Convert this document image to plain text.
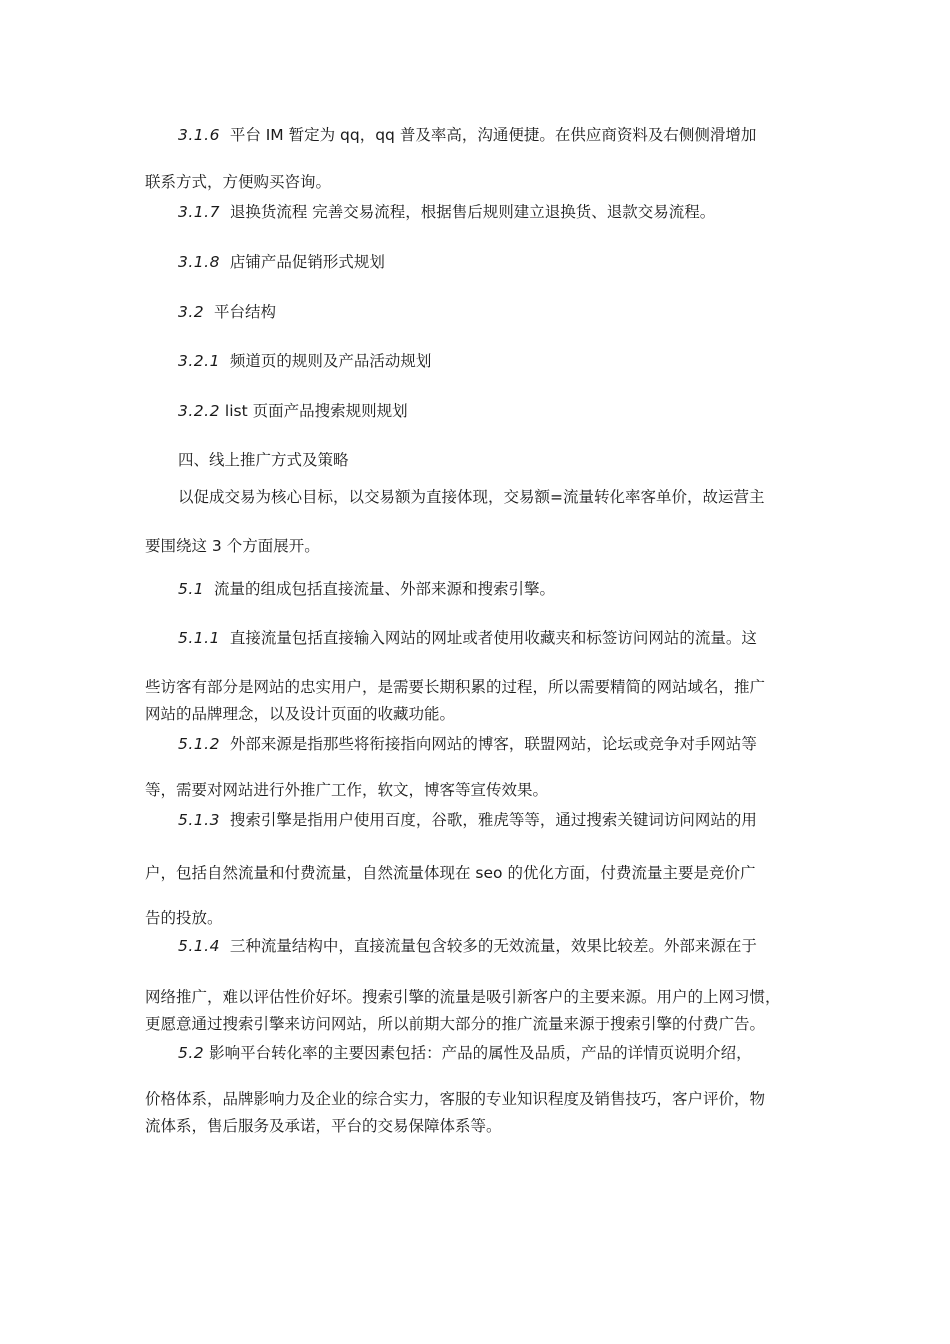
3.1.6 平台 IM 暂定为 qq，qq 普及率高，沟通便捷。在供应商资料及右侧侧滑增加

联系方式，方便购买咨询。

3.1.7 退换货流程 完善交易流程，根据售后规则建立退换货、退款交易流程。

3.1.8 店铺产品促销形式规划

3.2 平台结构

3.2.1 频道页的规则及产品活动规划

3.2.2 list 页面产品搜索规则规划

四、线上推广方式及策略

以促成交易为核心目标，以交易额为直接体现，交易额=流量转化率客单价，故运营主

要围绕这 3 个方面展开。

5.1 流量的组成包括直接流量、外部来源和搜索引擎。

5.1.1 直接流量包括直接输入网站的网址或者使用收藏夹和标签访问网站的流量。这

些访客有部分是网站的忠实用户，是需要长期积累的过程，所以需要精简的网站域名，推广

网站的品牌理念，以及设计页面的收藏功能。

5.1.2 外部来源是指那些将衔接指向网站的博客，联盟网站，论坛或竞争对手网站等

等，需要对网站进行外推广工作，软文，博客等宣传效果。

5.1.3 搜索引擎是指用户使用百度，谷歌，雅虎等等，通过搜索关键词访问网站的用

户，包括自然流量和付费流量，自然流量体现在 seo 的优化方面，付费流量主要是竞价广

告的投放。

5.1.4 三种流量结构中，直接流量包含较多的无效流量，效果比较差。外部来源在于

网络推广，难以评估性价好坏。搜索引擎的流量是吸引新客户的主要来源。用户的上网习惯，

更愿意通过搜索引擎来访问网站，所以前期大部分的推广流量来源于搜索引擎的付费广告。

5.2 影响平台转化率的主要因素包括：产品的属性及品质，产品的详情页说明介绍，

价格体系，品牌影响力及企业的综合实力，客服的专业知识程度及销售技巧，客户评价，物

流体系，售后服务及承诺，平台的交易保障体系等。
